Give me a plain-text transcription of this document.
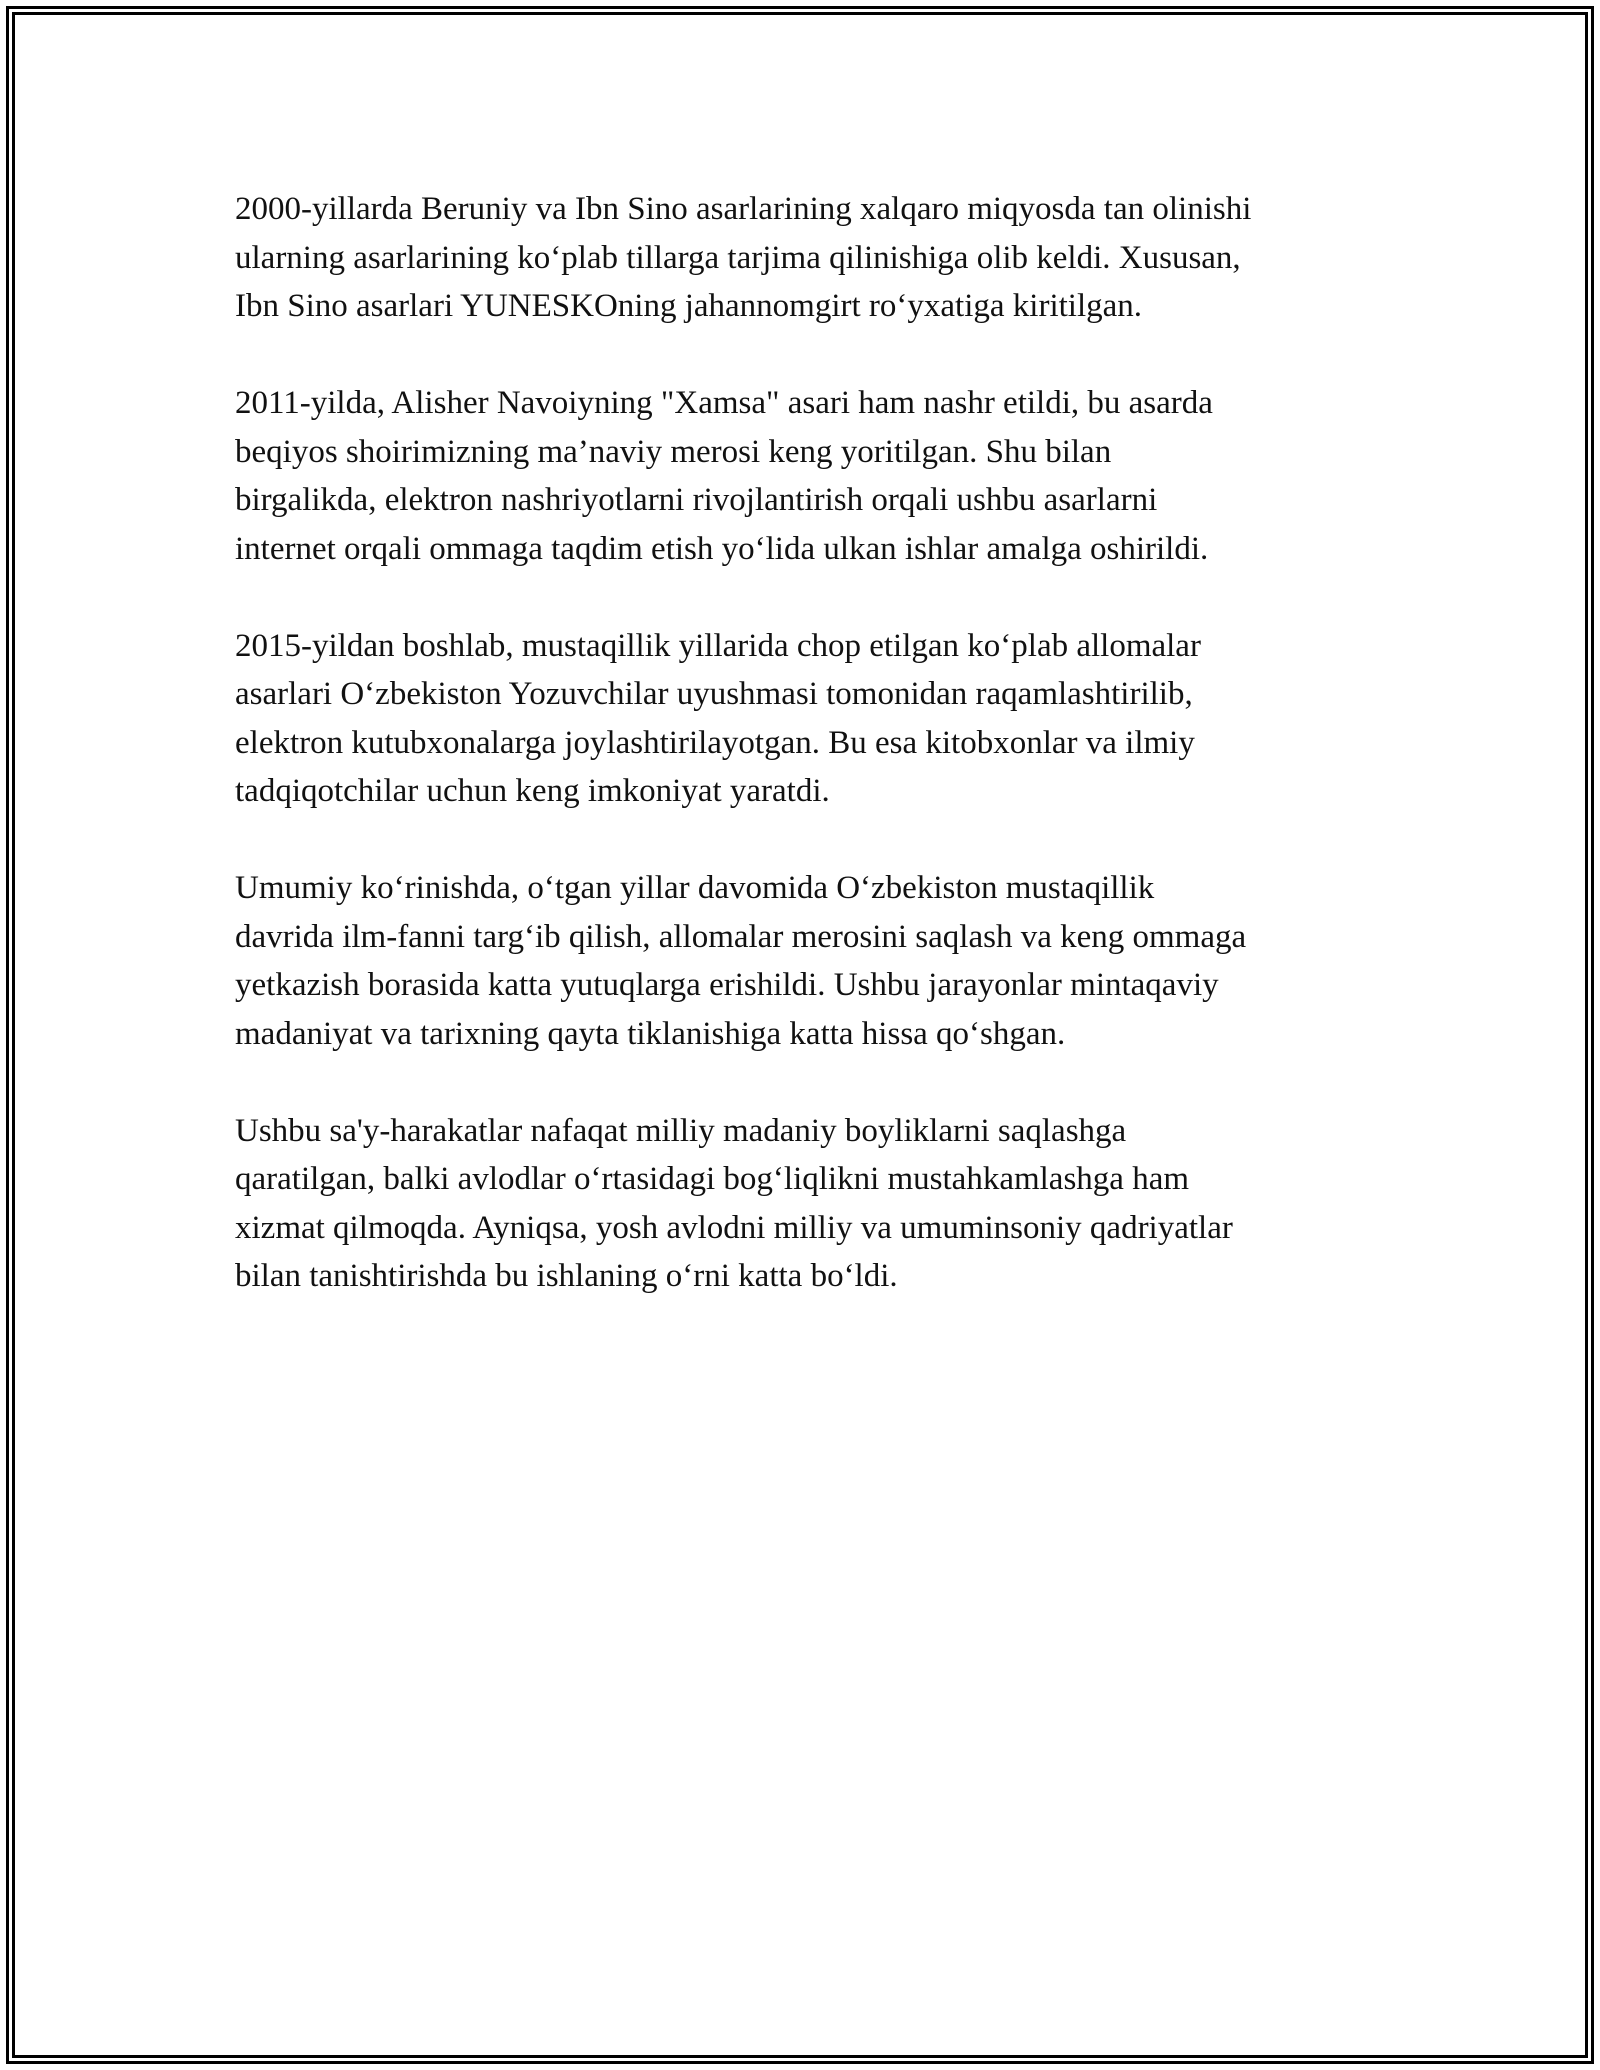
2000-yillarda Beruniy va Ibn Sino asarlarining xalqaro miqyosda tan olinishi
ularning asarlarining ko‘plab tillarga tarjima qilinishiga olib keldi. Xususan,
Ibn Sino asarlari YUNESKOning jahannomgirt ro‘yxatiga kiritilgan.

2011-yilda, Alisher Navoiyning "Xamsa" asari ham nashr etildi, bu asarda
beqiyos shoirimizning ma’naviy merosi keng yoritilgan. Shu bilan
birgalikda, elektron nashriyotlarni rivojlantirish orqali ushbu asarlarni
internet orqali ommaga taqdim etish yo‘lida ulkan ishlar amalga oshirildi.

2015-yildan boshlab, mustaqillik yillarida chop etilgan ko‘plab allomalar
asarlari O‘zbekiston Yozuvchilar uyushmasi tomonidan raqamlashtirilib,
elektron kutubxonalarga joylashtirilayotgan. Bu esa kitobxonlar va ilmiy
tadqiqotchilar uchun keng imkoniyat yaratdi.

Umumiy ko‘rinishda, o‘tgan yillar davomida O‘zbekiston mustaqillik
davrida ilm-fanni targ‘ib qilish, allomalar merosini saqlash va keng ommaga
yetkazish borasida katta yutuqlarga erishildi. Ushbu jarayonlar mintaqaviy
madaniyat va tarixning qayta tiklanishiga katta hissa qo‘shgan.

Ushbu sa'y-harakatlar nafaqat milliy madaniy boyliklarni saqlashga
qaratilgan, balki avlodlar o‘rtasidagi bog‘liqlikni mustahkamlashga ham
xizmat qilmoqda. Ayniqsa, yosh avlodni milliy va umuminsoniy qadriyatlar
bilan tanishtirishda bu ishlaning o‘rni katta bo‘ldi.
